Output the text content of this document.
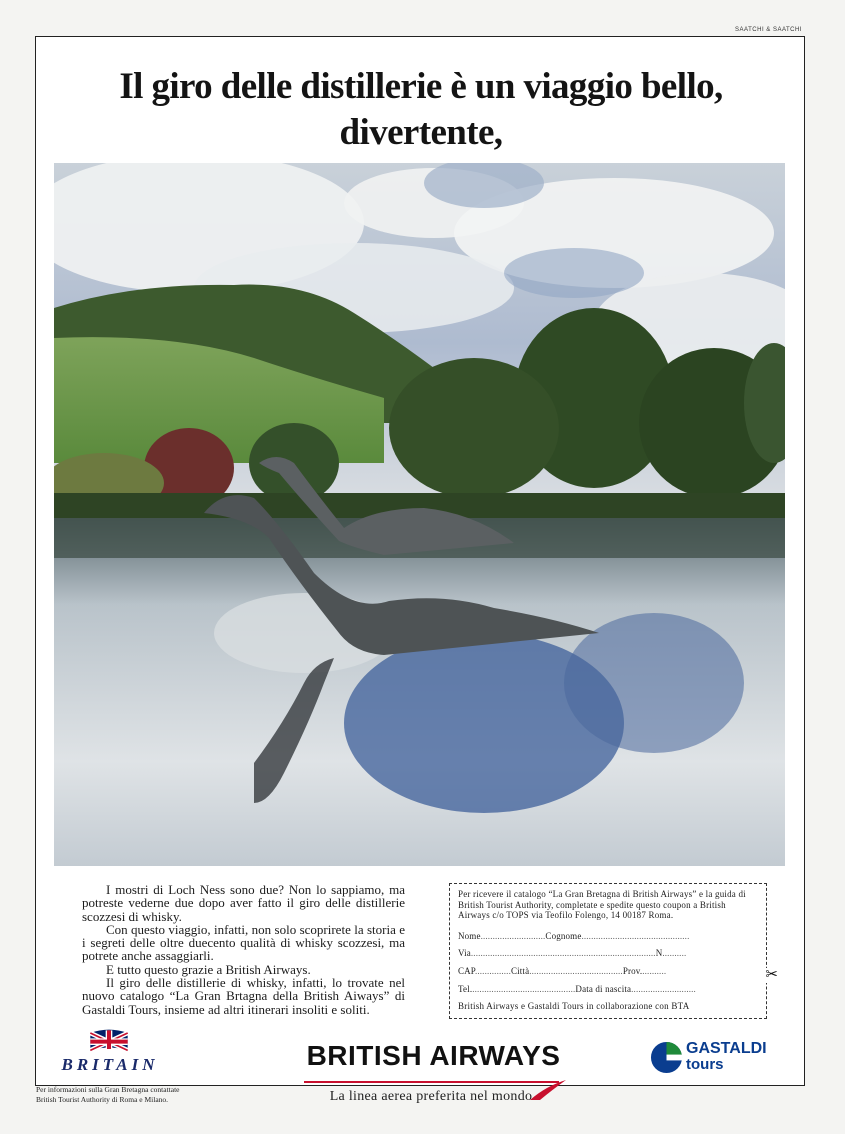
SAATCHI & SAATCHI
Il giro delle distillerie è un viaggio bello, divertente,

I mostri di Loch Ness sono due? Non lo sappiamo, ma potreste vederne due dopo aver fatto il giro delle distillerie scozzesi di whisky.

Con questo viaggio, infatti, non solo scoprirete la storia e i segreti delle oltre duecento qualità di whisky scozzesi, ma potrete anche assaggiarli.

E tutto questo grazie a British Airways.

Il giro delle distillerie di whisky, infatti, lo trovate nel nuovo catalogo “La Gran Brtagna della British Aiways” di Gastaldi Tours, insieme ad altri itinerari insoliti e soliti.

Per ricevere il catalogo “La Gran Bretagna di British Airways” e la guida di British Tourist Authority, completate e spedite questo coupon a British Airways c/o TOPS via Teofilo Folengo, 14 00187 Roma.
Nome...........................Cognome.............................................
Via.............................................................................N..........
CAP...............Città.......................................Prov...........
Tel............................................Data di nascita...........................
British Airways e Gastaldi Tours in collaborazione con BTA
✂
BRITAIN
Per informazioni sulla Gran Bretagna contattate
British Tourist Authority di Roma e Milano.
BRITISH AIRWAYS
La linea aerea preferita nel mondo
GASTALDI
tours
